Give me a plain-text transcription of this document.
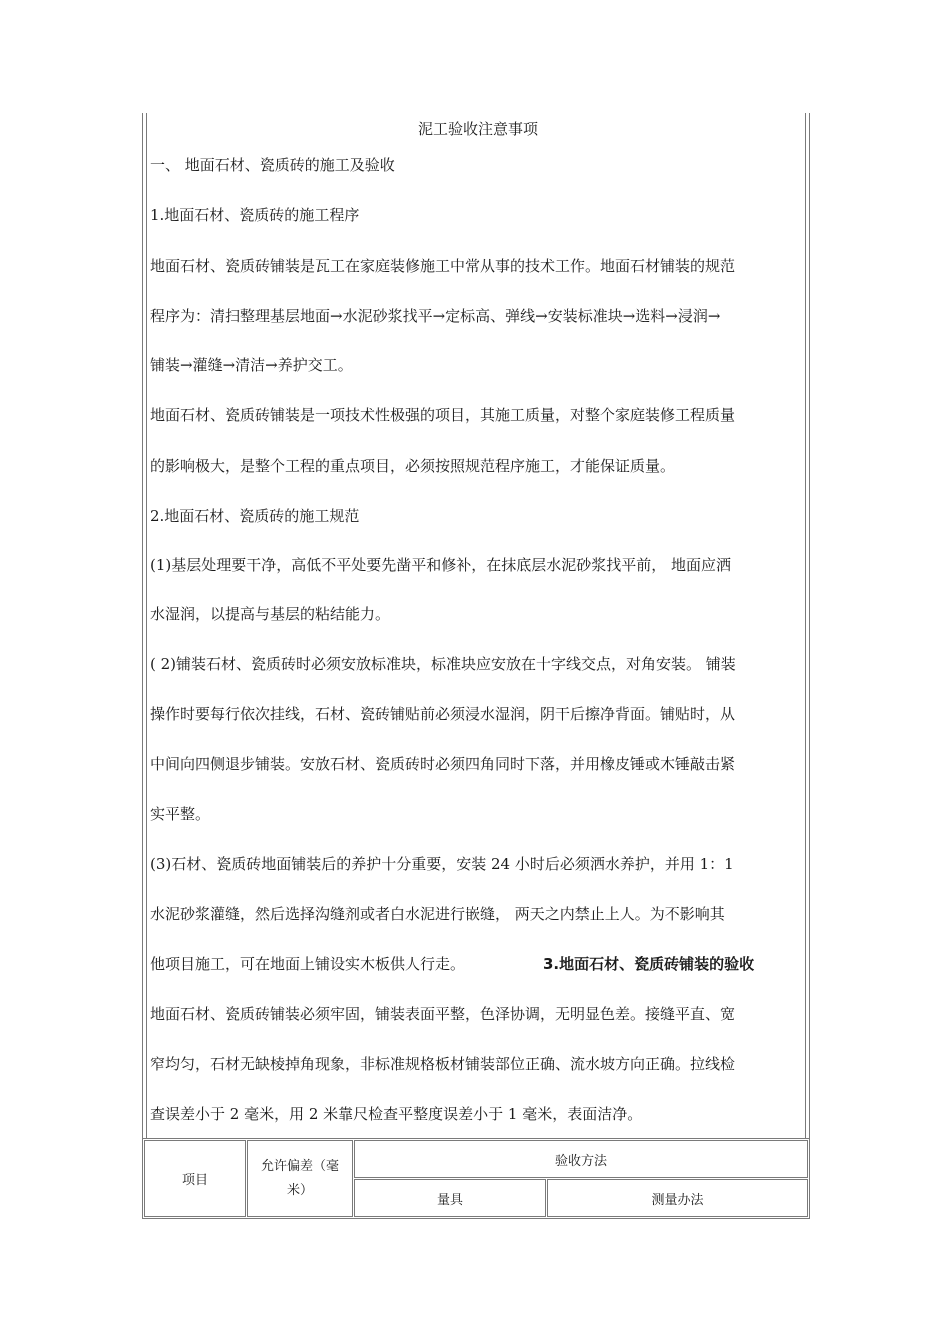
泥工验收注意事项
一、 地面石材、瓷质砖的施工及验收
1.地面石材、瓷质砖的施工程序
地面石材、瓷质砖铺装是瓦工在家庭装修施工中常从事的技术工作。地面石材铺装的规范
程序为：清扫整理基层地面→水泥砂浆找平→定标高、弹线→安装标准块→选料→浸润→
铺装→灌缝→清洁→养护交工。
地面石材、瓷质砖铺装是一项技术性极强的项目，其施工质量，对整个家庭装修工程质量
的影响极大，是整个工程的重点项目，必须按照规范程序施工，才能保证质量。
2.地面石材、瓷质砖的施工规范
(1)基层处理要干净，高低不平处要先凿平和修补，在抹底层水泥砂浆找平前， 地面应洒
水湿润，以提高与基层的粘结能力。
( 2)铺装石材、瓷质砖时必须安放标准块，标准块应安放在十字线交点，对角安装。 铺装
操作时要每行依次挂线，石材、瓷砖铺贴前必须浸水湿润，阴干后擦净背面。铺贴时，从
中间向四侧退步铺装。安放石材、瓷质砖时必须四角同时下落，并用橡皮锤或木锤敲击紧
实平整。
(3)石材、瓷质砖地面铺装后的养护十分重要，安装 24 小时后必须洒水养护，并用 1：1
水泥砂浆灌缝，然后选择沟缝剂或者白水泥进行嵌缝， 两天之内禁止上人。为不影响其
他项目施工，可在地面上铺设实木板供人行走。	3.地面石材、瓷质砖铺装的验收
地面石材、瓷质砖铺装必须牢固，铺装表面平整，色泽协调，无明显色差。接缝平直、宽
窄均匀，石材无缺棱掉角现象，非标准规格板材铺装部位正确、流水坡方向正确。拉线检
查误差小于 2 毫米，用 2 米靠尺检查平整度误差小于 1 毫米，表面洁净。
项目	允许偏差（毫米）	验收方法	
		量具	测量办法
